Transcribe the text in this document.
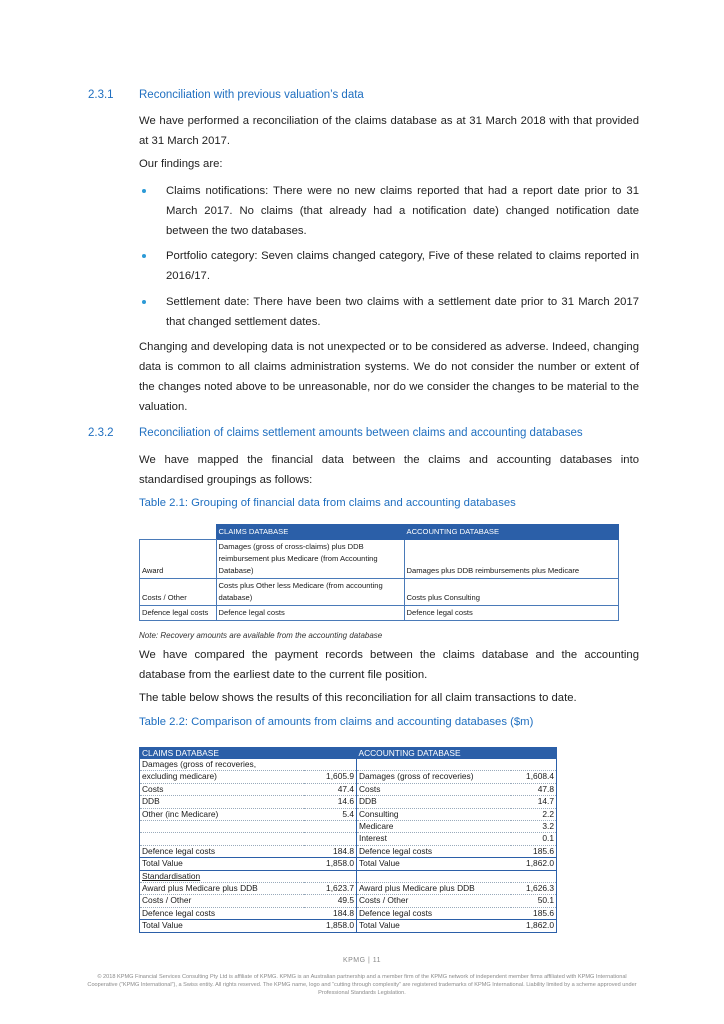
2.3.1	Reconciliation with previous valuation’s data

We have performed a reconciliation of the claims database as at 31 March 2018 with that provided at 31 March 2017.

Our findings are:

Claims notifications: There were no new claims reported that had a report date prior to 31 March 2017. No claims (that already had a notification date) changed notification date between the two databases.
Portfolio category: Seven claims changed category, Five of these related to claims reported in 2016/17.
Settlement date: There have been two claims with a settlement date prior to 31 March 2017 that changed settlement dates.

Changing and developing data is not unexpected or to be considered as adverse. Indeed, changing data is common to all claims administration systems. We do not consider the number or extent of the changes noted above to be unreasonable, nor do we consider the changes to be material to the valuation.

2.3.2	Reconciliation of claims settlement amounts between claims and accounting databases

We have mapped the financial data between the claims and accounting databases into standardised groupings as follows:

Table 2.1: Grouping of financial data from claims and accounting databases
	CLAIMS DATABASE	ACCOUNTING DATABASE
Award	Damages (gross of cross-claims) plus DDB reimbursement plus Medicare (from Accounting Database)	Damages plus DDB reimbursements plus Medicare
Costs / Other	Costs plus Other less Medicare (from accounting database)	Costs plus Consulting
Defence legal costs	Defence legal costs	Defence legal costs
Note: Recovery amounts are available from the accounting database

We have compared the payment records between the claims database and the accounting database from the earliest date to the current file position.

The table below shows the results of this reconciliation for all claim transactions to date.

Table 2.2: Comparison of amounts from claims and accounting databases ($m)
CLAIMS DATABASE		ACCOUNTING DATABASE	
Damages (gross of recoveries,			
excluding medicare)	1,605.9	Damages (gross of recoveries)	1,608.4
Costs	47.4	Costs	47.8
DDB	14.6	DDB	14.7
Other (inc Medicare)	5.4	Consulting	2.2
		Medicare	3.2
		Interest	0.1
Defence legal costs	184.8	Defence legal costs	185.6
Total Value	1,858.0	Total Value	1,862.0
Standardisation			
Award plus Medicare plus DDB	1,623.7	Award plus Medicare plus DDB	1,626.3
Costs / Other	49.5	Costs / Other	50.1
Defence legal costs	184.8	Defence legal costs	185.6
Total Value	1,858.0	Total Value	1,862.0
KPMG | 11
© 2018 KPMG Financial Services Consulting Pty Ltd is affiliate of KPMG. KPMG is an Australian partnership and a member firm of the KPMG network of independent member firms affiliated with KPMG International Cooperative (“KPMG International”), a Swiss entity. All rights reserved. The KPMG name, logo and “cutting through complexity” are registered trademarks of KPMG International. Liability limited by a scheme approved under Professional Standards Legislation.
